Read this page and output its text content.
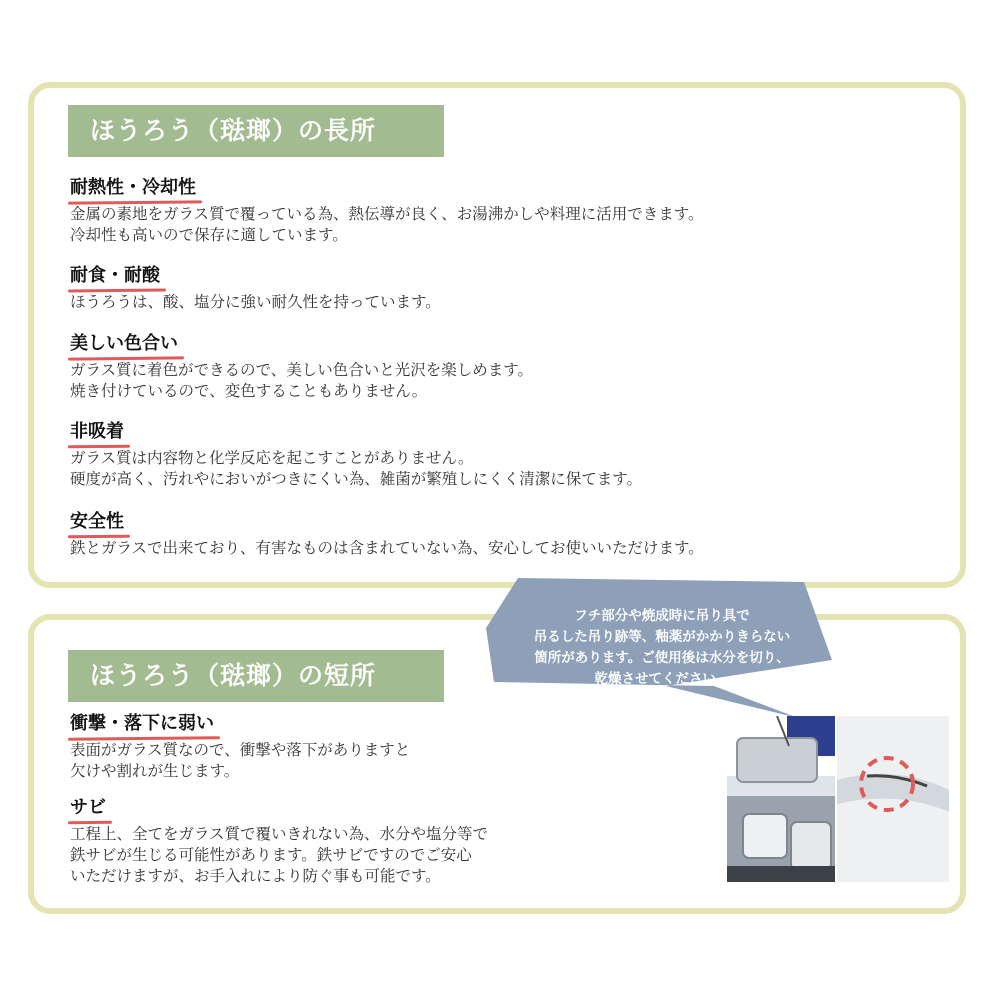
ほうろう（琺瑯）の長所
耐熱性・冷却性

金属の素地をガラス質で覆っている為、熱伝導が良く、お湯沸かしや料理に活用できます。

冷却性も高いので保存に適しています。

耐食・耐酸

ほうろうは、酸、塩分に強い耐久性を持っています。

美しい色合い

ガラス質に着色ができるので、美しい色合いと光沢を楽しめます。

焼き付けているので、変色することもありません。

非吸着

ガラス質は内容物と化学反応を起こすことがありません。

硬度が高く、汚れやにおいがつきにくい為、雑菌が繁殖しにくく清潔に保てます。

安全性

鉄とガラスで出来ており、有害なものは含まれていない為、安心してお使いいただけます。

ほうろう（琺瑯）の短所
衝撃・落下に弱い

表面がガラス質なので、衝撃や落下がありますと

欠けや割れが生じます。

サビ

工程上、全てをガラス質で覆いきれない為、水分や塩分等で

鉄サビが生じる可能性があります。鉄サビですのでご安心

いただけますが、お手入れにより防ぐ事も可能です。

フチ部分や焼成時に吊り具で
吊るした吊り跡等、釉薬がかかりきらない
箇所があります。ご使用後は水分を切り、
乾燥させてください。
